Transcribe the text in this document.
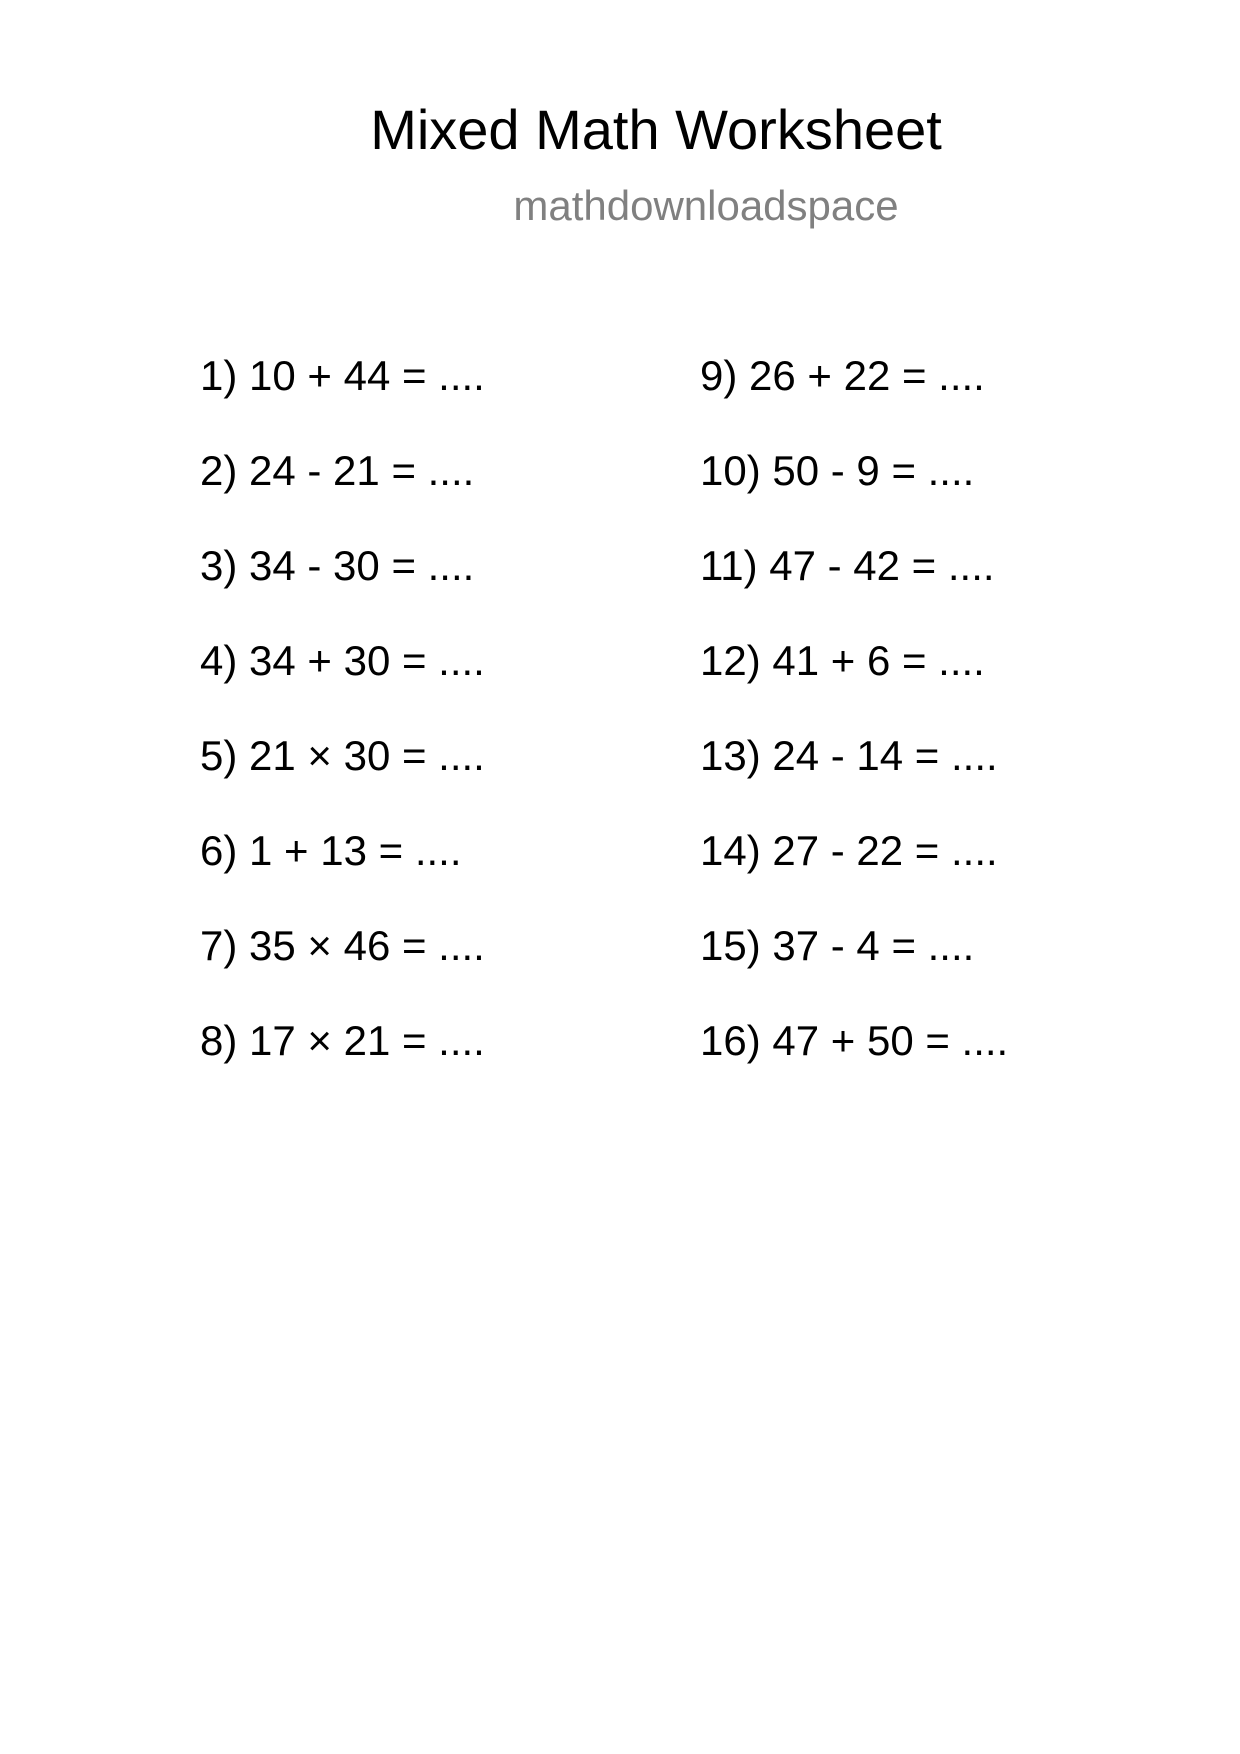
Mixed Math Worksheet
mathdownloadspace
1) 10 + 44 = ....
2) 24 - 21 = ....
3) 34 - 30 = ....
4) 34 + 30 = ....
5) 21 × 30 = ....
6) 1 + 13 = ....
7) 35 × 46 = ....
8) 17 × 21 = ....
9) 26 + 22 = ....
10) 50 - 9 = ....
11) 47 - 42 = ....
12) 41 + 6 = ....
13) 24 - 14 = ....
14) 27 - 22 = ....
15) 37 - 4 = ....
16) 47 + 50 = ....
